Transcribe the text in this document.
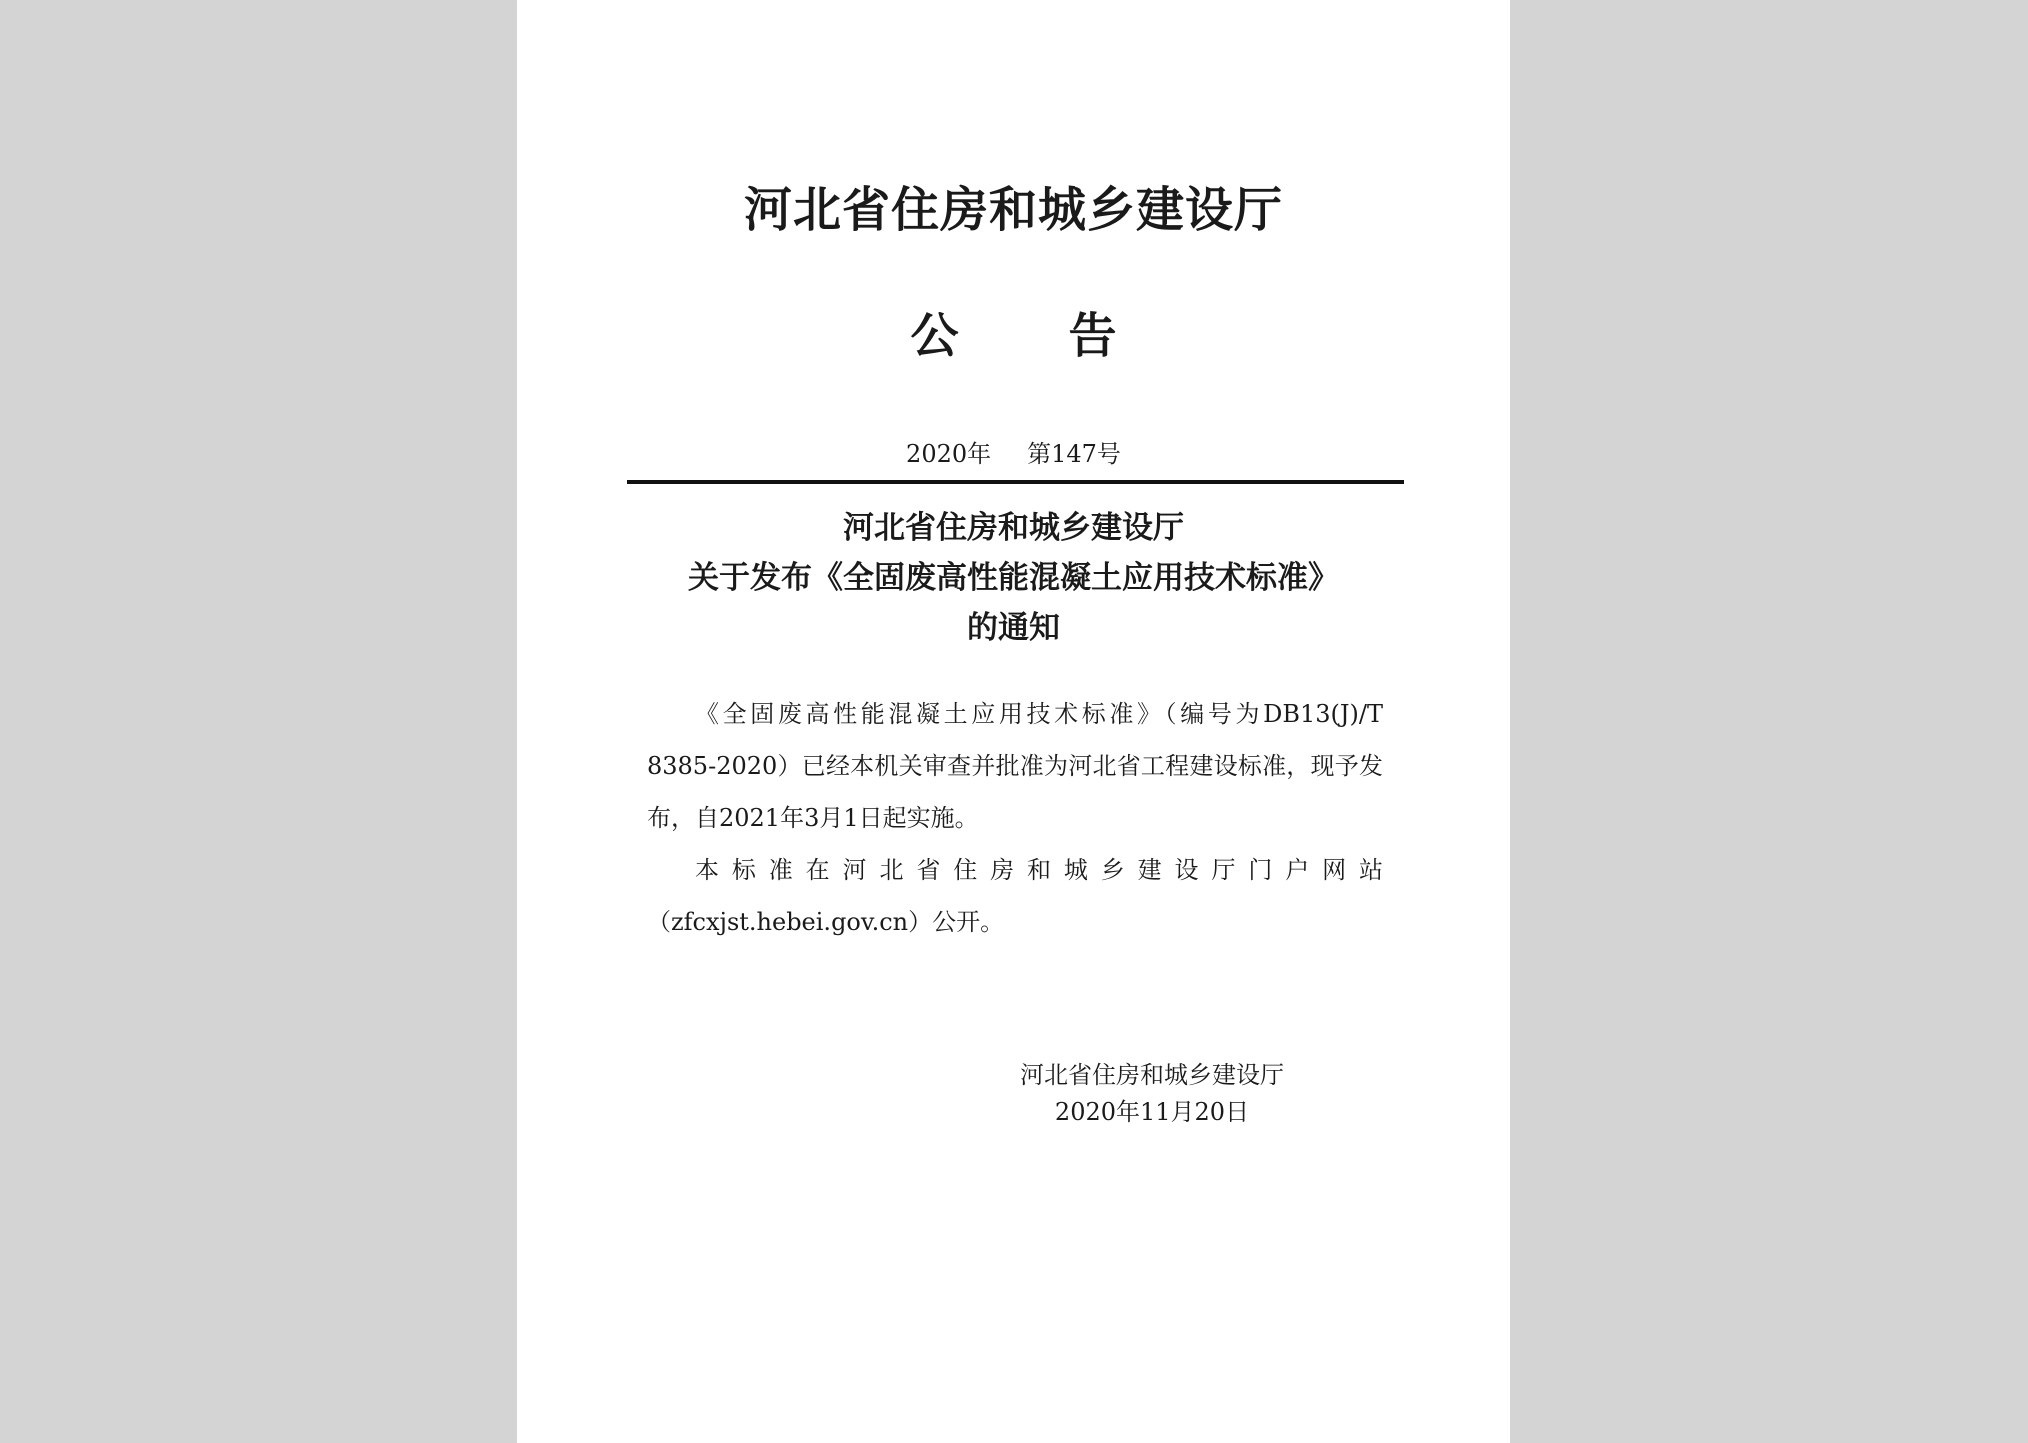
河北省住房和城乡建设厅
公 告
2020年 第147号
河北省住房和城乡建设厅
关于发布《全固废高性能混凝土应用技术标准》
的通知

《全固废高性能混凝土应用技术标准》（编号为DB13(J)/T 8385-2020）已经本机关审查并批准为河北省工程建设标准，现予发布，自2021年3月1日起实施。

本标准在河北省住房和城乡建设厅门户网站（zfcxjst.hebei.gov.cn）公开。

河北省住房和城乡建设厅
2020年11月20日
